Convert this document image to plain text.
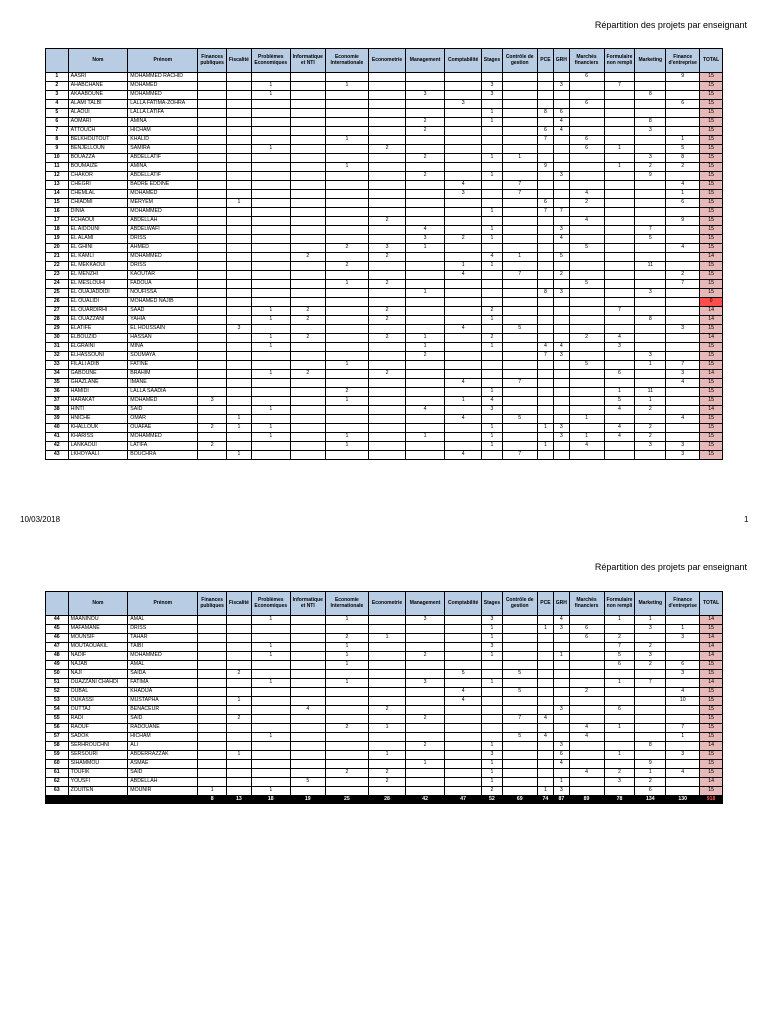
Répartition des projets par enseignant
	Nom	Prénom	Finances publiques	Fiscalité	Problèmes Economiques	Informatique et NTI	Economie Internationale	Econometrie	Management	Comptabilité	Stages	Contrôle de gestion	PCE	GRH	Marchés financiers	Formulaire non rempli	Marketing	Finance d'entreprise	TOTAL
1	AASRI	MOHAMMED RACHID													6			9	15
2	AHABCHANE	MOHAMED			1		1				3			3		7			15
3	AKAABOUNE	MOHAMMED			1				3		3						8		15
4	ALAMI TALBI	LALLA FATIMA-ZOHRA								3					6			6	15
5	ALAOUI	LALLA LATIFA									1		8	6					15
6	AOMARI	AMINA							2		1			4			8		15
7	ATTOUCH	HICHAM							2				6	4			3		15
8	BELKHOUTOUT	KHALID					1						7		6			1	15
9	BENJELLOUN	SAMIRA			1			2							6	1		5	15
10	BOUAZZA	ABDELLATIF							2		1	1					3	8	15
11	BOUMAIZE	AMINA					1						9			1	2	2	15
12	CHAKOR	ABDELLATIF							2		1			3			9		15
13	CHEGRI	BADRE EDDINE								4		7						4	15
14	CHEMLAL	MOHAMED								3		7			4			1	15
15	CHIADMI	MERYEM		1									6		2			6	15
16	DINIA	MOHAMMED									1		7	7					15
17	ECHAOUI	ABDELLAH						2							4			9	15
18	EL AIDOUNI	ABDELWAFI							4		1			3			7		15
19	EL ALAMI	DRISS							3	2	1			4			5		15
20	EL GHINI	AHMED					2	3	1						5			4	15
21	EL KAMLI	MOHAMMED				2		2			4	1		5					14
22	EL MEKKAOUI	DRISS					2			1	1						11		15
23	EL MENZHI	KAOUTAR								4		7		2				2	15
24	EL MESLOUHI	FADOUA					1	2							5			7	15
25	EL OUAJADDIDI	NOUFISSA							1				8	3			3		15
26	EL OUALIDI	MOHAMED NAJIB																	0
27	EL OUARDIRHI	SAAD			1	2		2			2					7			14
28	EL OUAZZANI	YAHIA			1	2		2			1						8		14
29	ELATIFE	EL HOUSSAIN		3						4		5						3	15
30	ELBOUZID	HASSAN			1	2		2	1		2				2	4			14
31	ELGRAINI	MINA			1				1		1		4	4		3			15
32	ELHASSOUNI	SOUMAYA							2				7	3			3		15
33	FILALI ADIB	FATINE					1								5		1	7	15
34	GABOUNE	BRAHIM			1	2		2								6		3	14
35	GHAZLANE	IMANE								4		7						4	15
36	HAMIDI	LALLA SAADIA					2				1					1	11		15
37	HARAKAT	MOHAMED	3				1			1	4					5	1		15
38	HINTI	SAID			1				4		3					4	2		14
39	HNICHE	OMAR		1						4		5			1			4	15
40	KHALLOUK	OUAFAE	2	1	1						1		1	3		4	2		15
41	KHARISS	MOHAMMED			1		1		1		1			3	1	4	2		15
42	LANKAOUI	LATIFA	2				1				1		1		4		3	3	15
43	LKHOYAALI	BOUCHRA		1						4		7						3	15
10/03/2018	1
Répartition des projets par enseignant
	Nom	Prénom	Finances publiques	Fiscalité	Problèmes Economiques	Informatique et NTI	Economie Internationale	Econometrie	Management	Comptabilité	Stages	Contrôle de gestion	PCE	GRH	Marchés financiers	Formulaire non rempli	Marketing	Finance d'entreprise	TOTAL
44	MAANINOU	AMAL			1		1		3		3			4		1	1		14
45	MAFAMANE	DRISS									1		1	3	6		3	1	15
46	MOUNSIF	TAHAR					2	1			1				6	2		3	14
47	MOUTAOUAKIL	TAIBI			1		1				3					7	2		14
48	NADIF	MOHAMMED			1		1		2		1			1		5	3		14
49	NAJAB	AMAL					1									6	2	6	15
50	NAJI	SAIDA		2						5		5						3	15
51	OUAZZANI CHAHDI	FATIMA			1		1		3		1					1	7		14
52	OUBAL	KHADIJA								4		5			2			4	15
53	OUKASSI	MUSTAPHA		1						4								10	15
54	OUTTAJ	BENACEUR				4		2						3		6			15
55	RADI	SAID		2					2			7	4						15
56	RAOUF	RADOUANE					2	1							4	1		7	15
57	SADOK	HICHAM			1							5	4		4			1	15
58	SERHROUCHNI	ALI							2		1			3			8		14
59	SERSOURI	ABDERRAZZAK		1				1			3			6		1		3	15
60	SIHAMMOU	ASMAE							1		1			4			9		15
61	TOUFIK	SAID					2	2			1				4	2	1	4	15
62	YOUSFI	ABDELLAH				5		2			1			1		3	2		14
63	ZOUITEN	MOUNIR	1		1						2		1	3			6		15
			8	13	18	19	25	28	42	47	52	69	74	87	89	78	134	130	918
